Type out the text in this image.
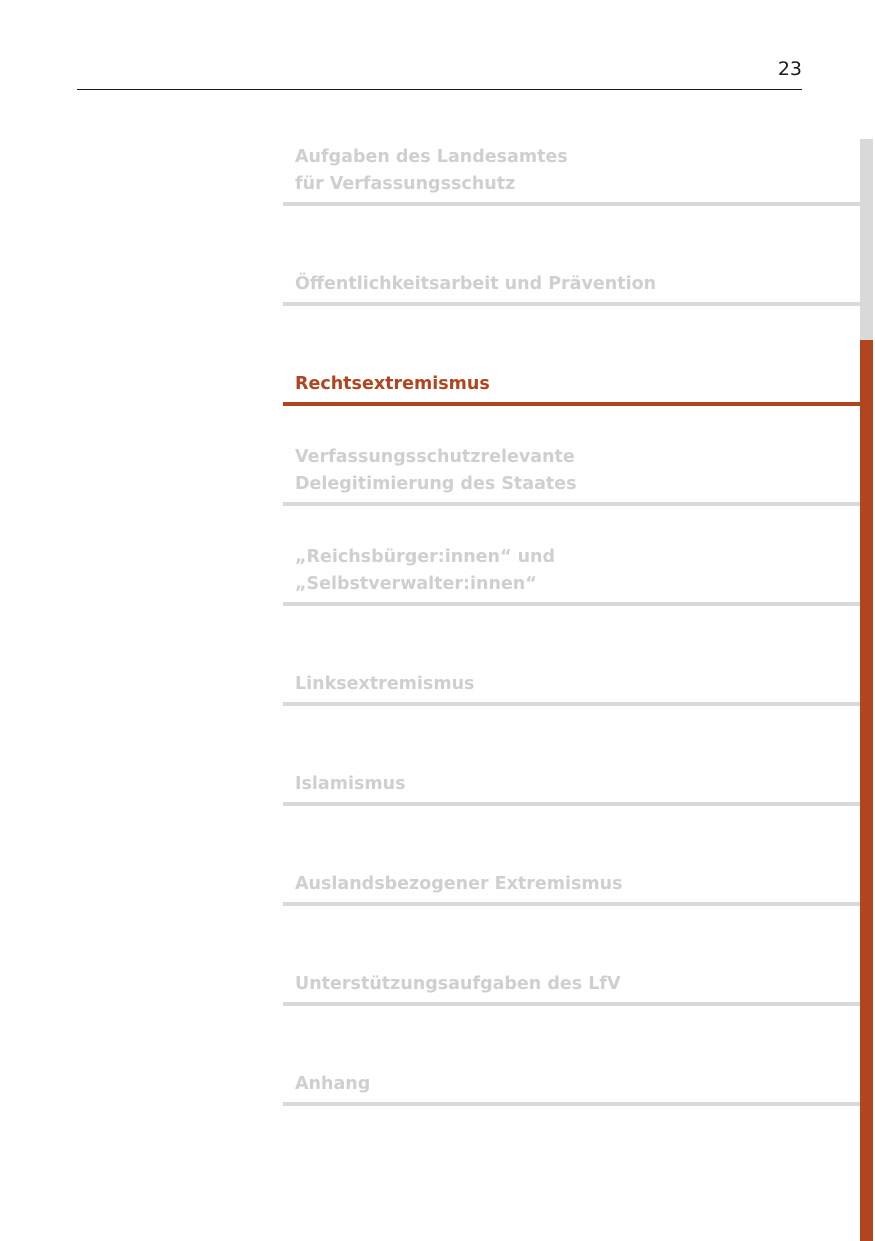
23
Aufgaben des Landesamtes
für Verfassungsschutz
Öffentlichkeitsarbeit und Prävention
Rechtsextremismus
Verfassungsschutzrelevante
Delegitimierung des Staates
„Reichsbürger:innen“ und
„Selbstverwalter:innen“
Linksextremismus
Islamismus
Auslandsbezogener Extremismus
Unterstützungsaufgaben des LfV
Anhang
